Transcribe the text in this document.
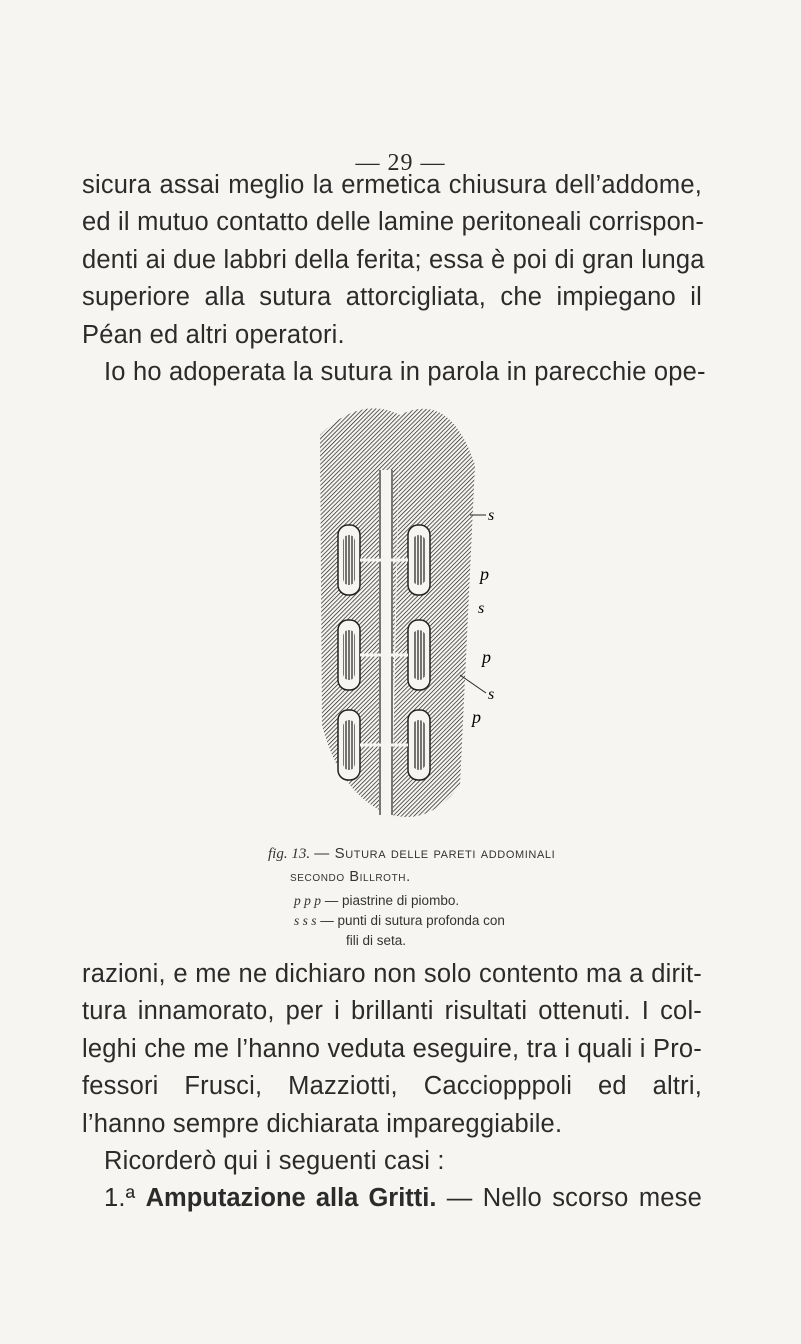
— 29 —
sicura assai meglio la ermetica chiusura dell’addome,
ed il mutuo contatto delle lamine peritoneali corrispon-
denti ai due labbri della ferita; essa è poi di gran lunga
superiore alla sutura attorcigliata, che impiegano il
Péan ed altri operatori.
Io ho adoperata la sutura in parola in parecchie ope-
s
p
s
p
s
p
fig. 13. — Sutura delle pareti addominali
secondo Billroth.
p p p — piastrine di piombo.
s s s — punti di sutura profonda con
fili di seta.
razioni, e me ne dichiaro non solo contento ma a dirit-
tura innamorato, per i brillanti risultati ottenuti. I col-
leghi che me l’hanno veduta eseguire, tra i quali i Pro-
fessori Frusci, Mazziotti, Cacciopppoli ed altri,
l’hanno sempre dichiarata impareggiabile.
Ricorderò qui i seguenti casi :
1.ª Amputazione alla Gritti. — Nello scorso mese
